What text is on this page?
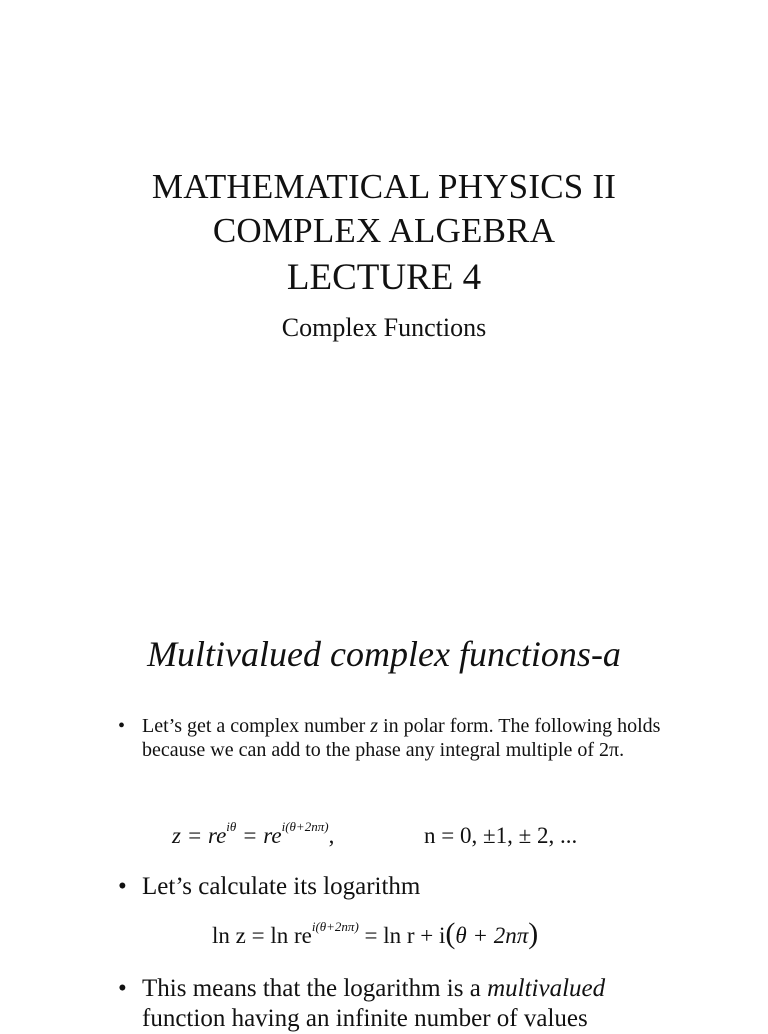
MATHEMATICAL PHYSICS II
COMPLEX ALGEBRA
LECTURE 4
Complex Functions
Multivalued complex functions-a
• Let’s get a complex number z in polar form. The following holds because we can add to the phase any integral multiple of 2π.
$z = re^{i\theta} = re^{i(\theta+2n\pi)}$,	n = 0, ±1, ± 2, ...
• Let’s calculate its logarithm
$\ln z = \ln re^{i(\theta+2n\pi)} = \ln r + i(\theta + 2n\pi)$
• This means that the logarithm is a multivalued function having an infinite number of values
